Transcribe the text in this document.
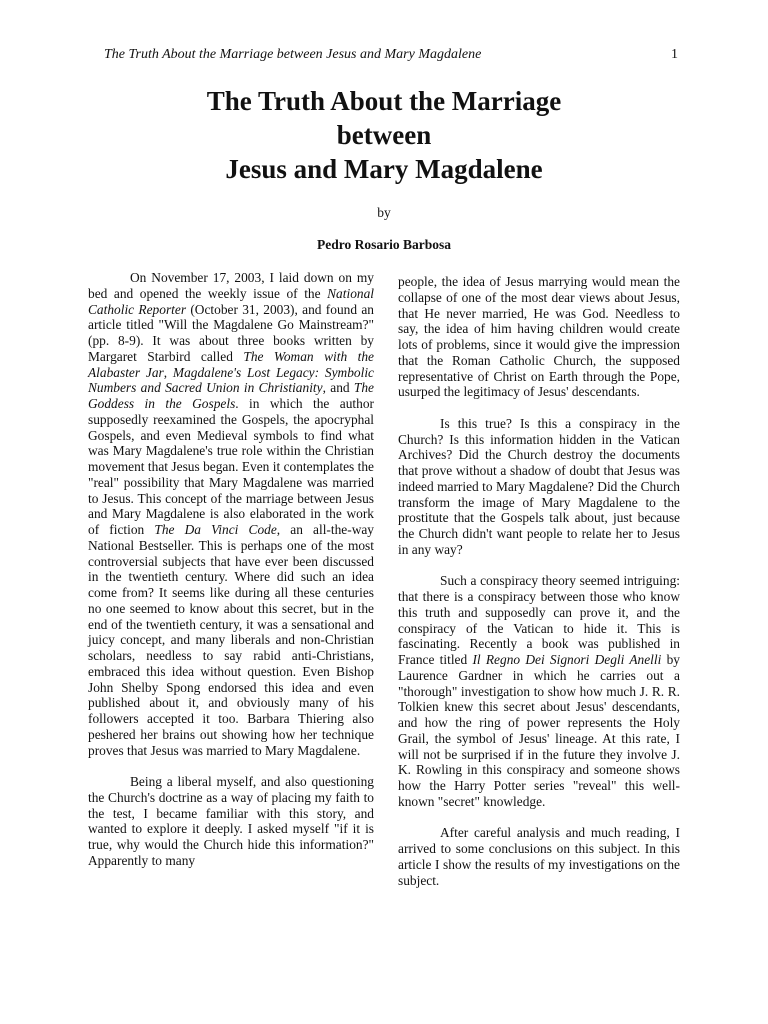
The Truth About the Marriage between Jesus and Mary Magdalene	1
The Truth About the Marriage
between
Jesus and Mary Magdalene
by
Pedro Rosario Barbosa

On November 17, 2003, I laid down on my bed and opened the weekly issue of the National Catholic Reporter (October 31, 2003), and found an article titled "Will the Magdalene Go Mainstream?" (pp. 8-9). It was about three books written by Margaret Starbird called The Woman with the Alabaster Jar, Magdalene's Lost Legacy: Symbolic Numbers and Sacred Union in Christianity, and The Goddess in the Gospels. in which the author supposedly reexamined the Gospels, the apocryphal Gospels, and even Medieval symbols to find what was Mary Magdalene's true role within the Christian movement that Jesus began. Even it contemplates the "real" possibility that Mary Magdalene was married to Jesus. This concept of the marriage between Jesus and Mary Magdalene is also elaborated in the work of fiction The Da Vinci Code, an all-the-way National Bestseller. This is perhaps one of the most controversial subjects that have ever been discussed in the twentieth century. Where did such an idea come from? It seems like during all these centuries no one seemed to know about this secret, but in the end of the twentieth century, it was a sensational and juicy concept, and many liberals and non-Christian scholars, needless to say rabid anti-Christians, embraced this idea without question. Even Bishop John Shelby Spong endorsed this idea and even published about it, and obviously many of his followers accepted it too. Barbara Thiering also peshered her brains out showing how her technique proves that Jesus was married to Mary Magdalene.

Being a liberal myself, and also questioning the Church's doctrine as a way of placing my faith to the test, I became familiar with this story, and wanted to explore it deeply. I asked myself "if it is true, why would the Church hide this information?" Apparently to many

people, the idea of Jesus marrying would mean the collapse of one of the most dear views about Jesus, that He never married, He was God. Needless to say, the idea of him having children would create lots of problems, since it would give the impression that the Roman Catholic Church, the supposed representative of Christ on Earth through the Pope, usurped the legitimacy of Jesus' descendants.

Is this true? Is this a conspiracy in the Church? Is this information hidden in the Vatican Archives? Did the Church destroy the documents that prove without a shadow of doubt that Jesus was indeed married to Mary Magdalene? Did the Church transform the image of Mary Magdalene to the prostitute that the Gospels talk about, just because the Church didn't want people to relate her to Jesus in any way?

Such a conspiracy theory seemed intriguing: that there is a conspiracy between those who know this truth and supposedly can prove it, and the conspiracy of the Vatican to hide it. This is fascinating. Recently a book was published in France titled Il Regno Dei Signori Degli Anelli by Laurence Gardner in which he carries out a "thorough" investigation to show how much J. R. R. Tolkien knew this secret about Jesus' descendants, and how the ring of power represents the Holy Grail, the symbol of Jesus' lineage. At this rate, I will not be surprised if in the future they involve J. K. Rowling in this conspiracy and someone shows how the Harry Potter series "reveal" this well-known "secret" knowledge.

After careful analysis and much reading, I arrived to some conclusions on this subject. In this article I show the results of my investigations on the subject.
